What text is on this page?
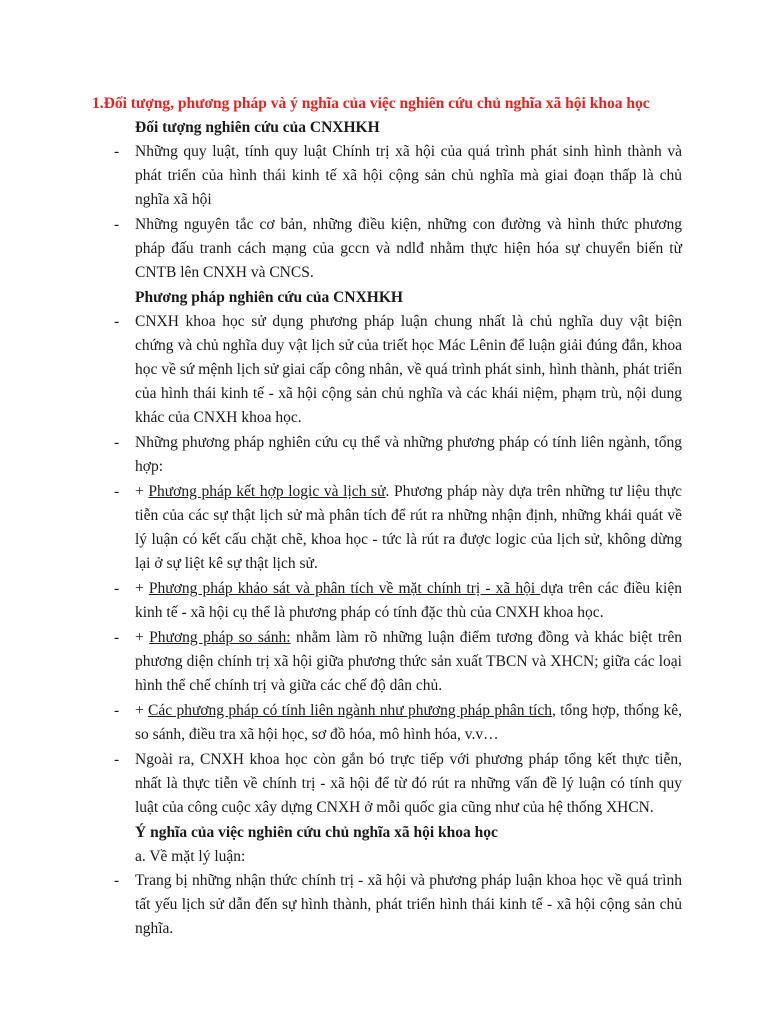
1.Đối tượng, phương pháp và ý nghĩa của việc nghiên cứu chủ nghĩa xã hội khoa học

Đối tượng nghiên cứu của CNXHKH

- Những quy luật, tính quy luật Chính trị xã hội của quá trình phát sinh hình thành và phát triển của hình thái kinh tế xã hội cộng sản chủ nghĩa mà giai đoạn thấp là chủ nghĩa xã hội

- Những nguyên tắc cơ bản, những điều kiện, những con đường và hình thức phương pháp đấu tranh cách mạng của gccn và ndlđ nhằm thực hiện hóa sự chuyển biến từ CNTB lên CNXH và CNCS.

Phương pháp nghiên cứu của CNXHKH

- CNXH khoa học sử dụng phương pháp luận chung nhất là chủ nghĩa duy vật biện chứng và chủ nghĩa duy vật lịch sử của triết học Mác Lênin để luận giải đúng đắn, khoa học về sứ mệnh lịch sử giai cấp công nhân, về quá trình phát sinh, hình thành, phát triển của hình thái kinh tế - xã hội cộng sản chủ nghĩa và các khái niệm, phạm trù, nội dung khác của CNXH khoa học.

- Những phương pháp nghiên cứu cụ thể và những phương pháp có tính liên ngành, tổng hợp:

- + Phương pháp kết hợp logic và lịch sử. Phương pháp này dựa trên những tư liệu thực tiễn của các sự thật lịch sử mà phân tích để rút ra những nhận định, những khái quát về lý luận có kết cấu chặt chẽ, khoa học - tức là rút ra được logic của lịch sử, không dừng lại ở sự liệt kê sự thật lịch sử.

- + Phương pháp khảo sát và phân tích về mặt chính trị - xã hội dựa trên các điều kiện kinh tế - xã hội cụ thể là phương pháp có tính đặc thù của CNXH khoa học.

- + Phương pháp so sánh: nhằm làm rõ những luận điểm tương đồng và khác biệt trên phương diện chính trị xã hội giữa phương thức sản xuất TBCN và XHCN; giữa các loại hình thể chế chính trị và giữa các chế độ dân chủ.

- + Các phương pháp có tính liên ngành như phương pháp phân tích, tổng hợp, thống kê, so sánh, điều tra xã hội học, sơ đồ hóa, mô hình hóa, v.v…

- Ngoài ra, CNXH khoa học còn gắn bó trực tiếp với phương pháp tổng kết thực tiễn, nhất là thực tiễn về chính trị - xã hội để từ đó rút ra những vấn đề lý luận có tính quy luật của công cuộc xây dựng CNXH ở mỗi quốc gia cũng như của hệ thống XHCN.

Ý nghĩa của việc nghiên cứu chủ nghĩa xã hội khoa học

a. Về mặt lý luận:

- Trang bị những nhận thức chính trị - xã hội và phương pháp luận khoa học về quá trình tất yếu lịch sử dẫn đến sự hình thành, phát triển hình thái kinh tế - xã hội cộng sản chủ nghĩa.
